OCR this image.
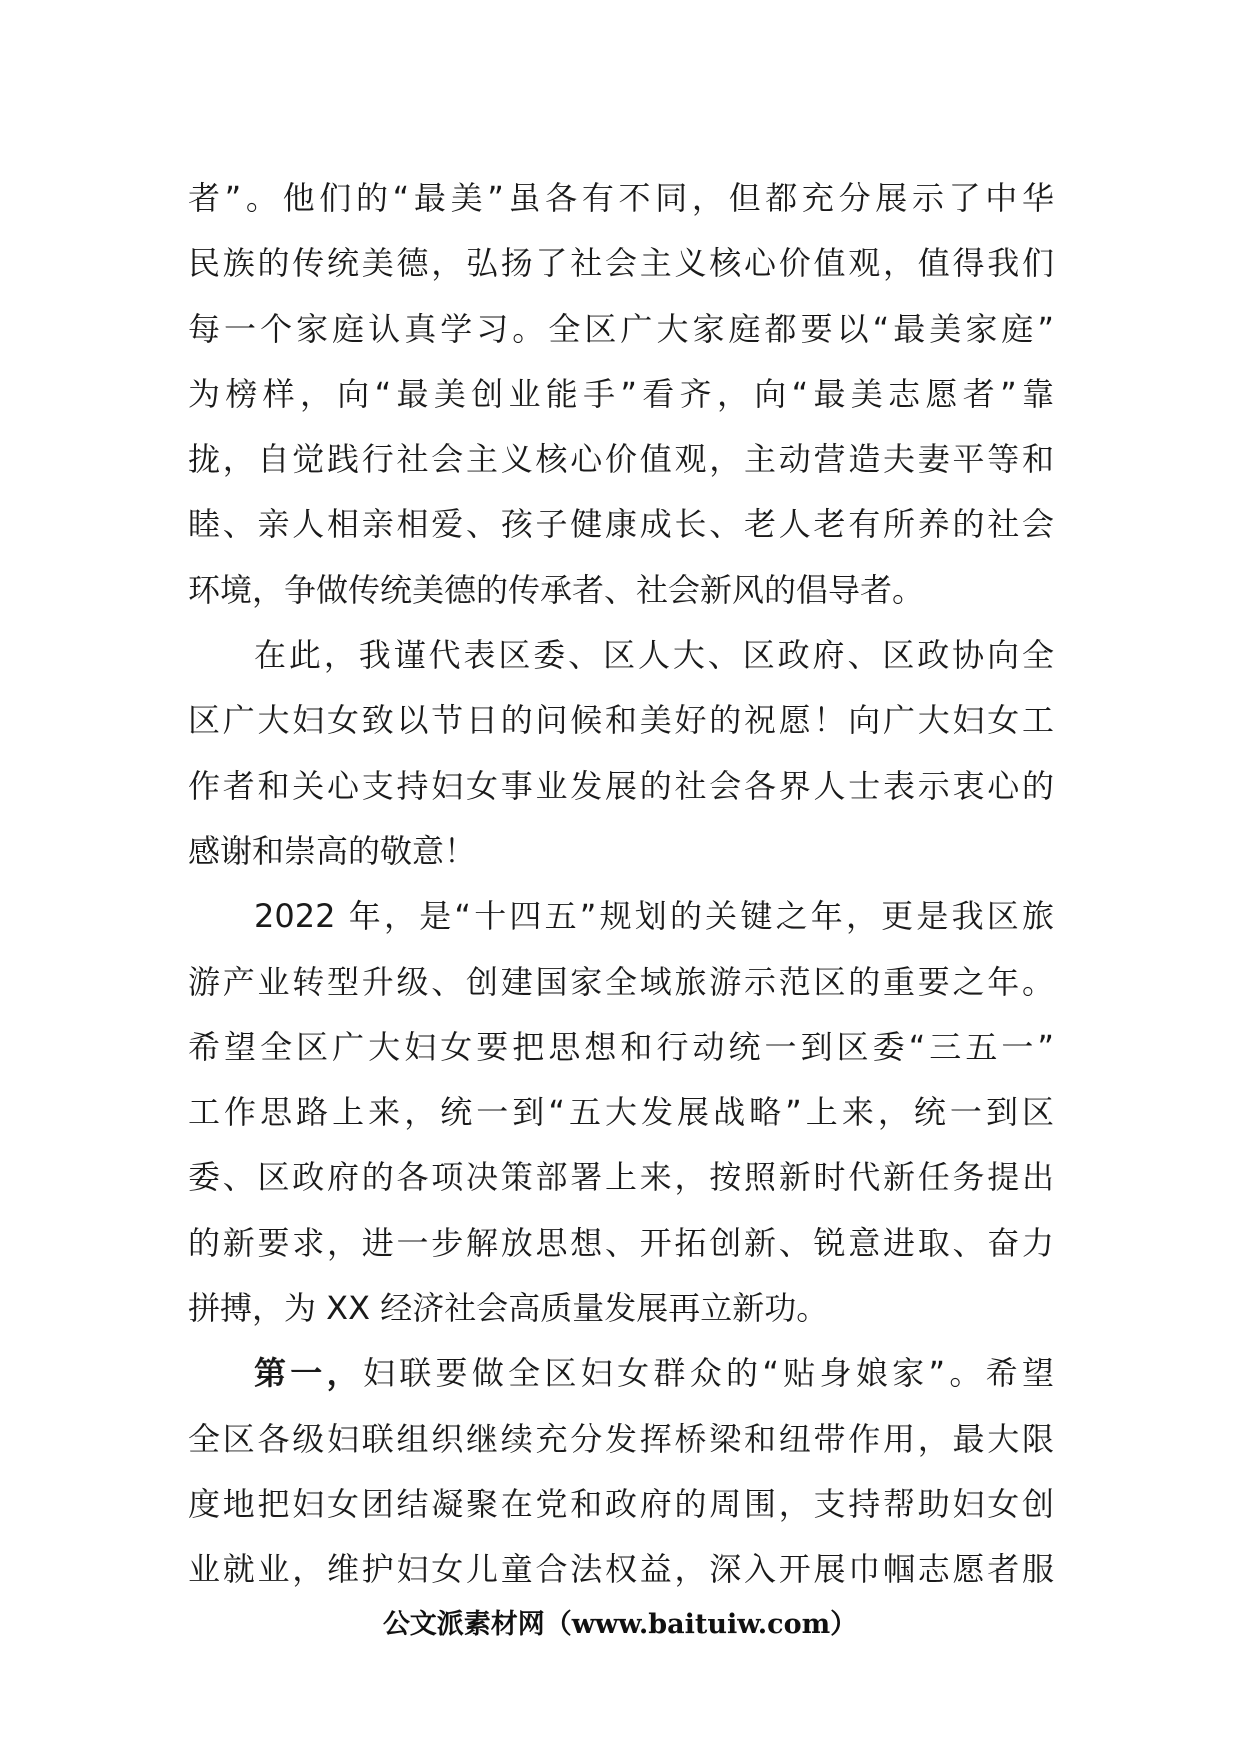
者”。他们的“最美”虽各有不同，但都充分展示了中华
民族的传统美德，弘扬了社会主义核心价值观，值得我们
每一个家庭认真学习。全区广大家庭都要以“最美家庭”
为榜样，向“最美创业能手”看齐，向“最美志愿者”靠
拢，自觉践行社会主义核心价值观，主动营造夫妻平等和
睦、亲人相亲相爱、孩子健康成长、老人老有所养的社会
环境，争做传统美德的传承者、社会新风的倡导者。
在此，我谨代表区委、区人大、区政府、区政协向全
区广大妇女致以节日的问候和美好的祝愿！向广大妇女工
作者和关心支持妇女事业发展的社会各界人士表示衷心的
感谢和崇高的敬意！
2022 年，是“十四五”规划的关键之年，更是我区旅
游产业转型升级、创建国家全域旅游示范区的重要之年。
希望全区广大妇女要把思想和行动统一到区委“三五一”
工作思路上来，统一到“五大发展战略”上来，统一到区
委、区政府的各项决策部署上来，按照新时代新任务提出
的新要求，进一步解放思想、开拓创新、锐意进取、奋力
拼搏，为 XX 经济社会高质量发展再立新功。
第一，妇联要做全区妇女群众的“贴身娘家”。希望
全区各级妇联组织继续充分发挥桥梁和纽带作用，最大限
度地把妇女团结凝聚在党和政府的周围，支持帮助妇女创
业就业，维护妇女儿童合法权益，深入开展巾帼志愿者服
公文派素材网（www.baituiw.com）
